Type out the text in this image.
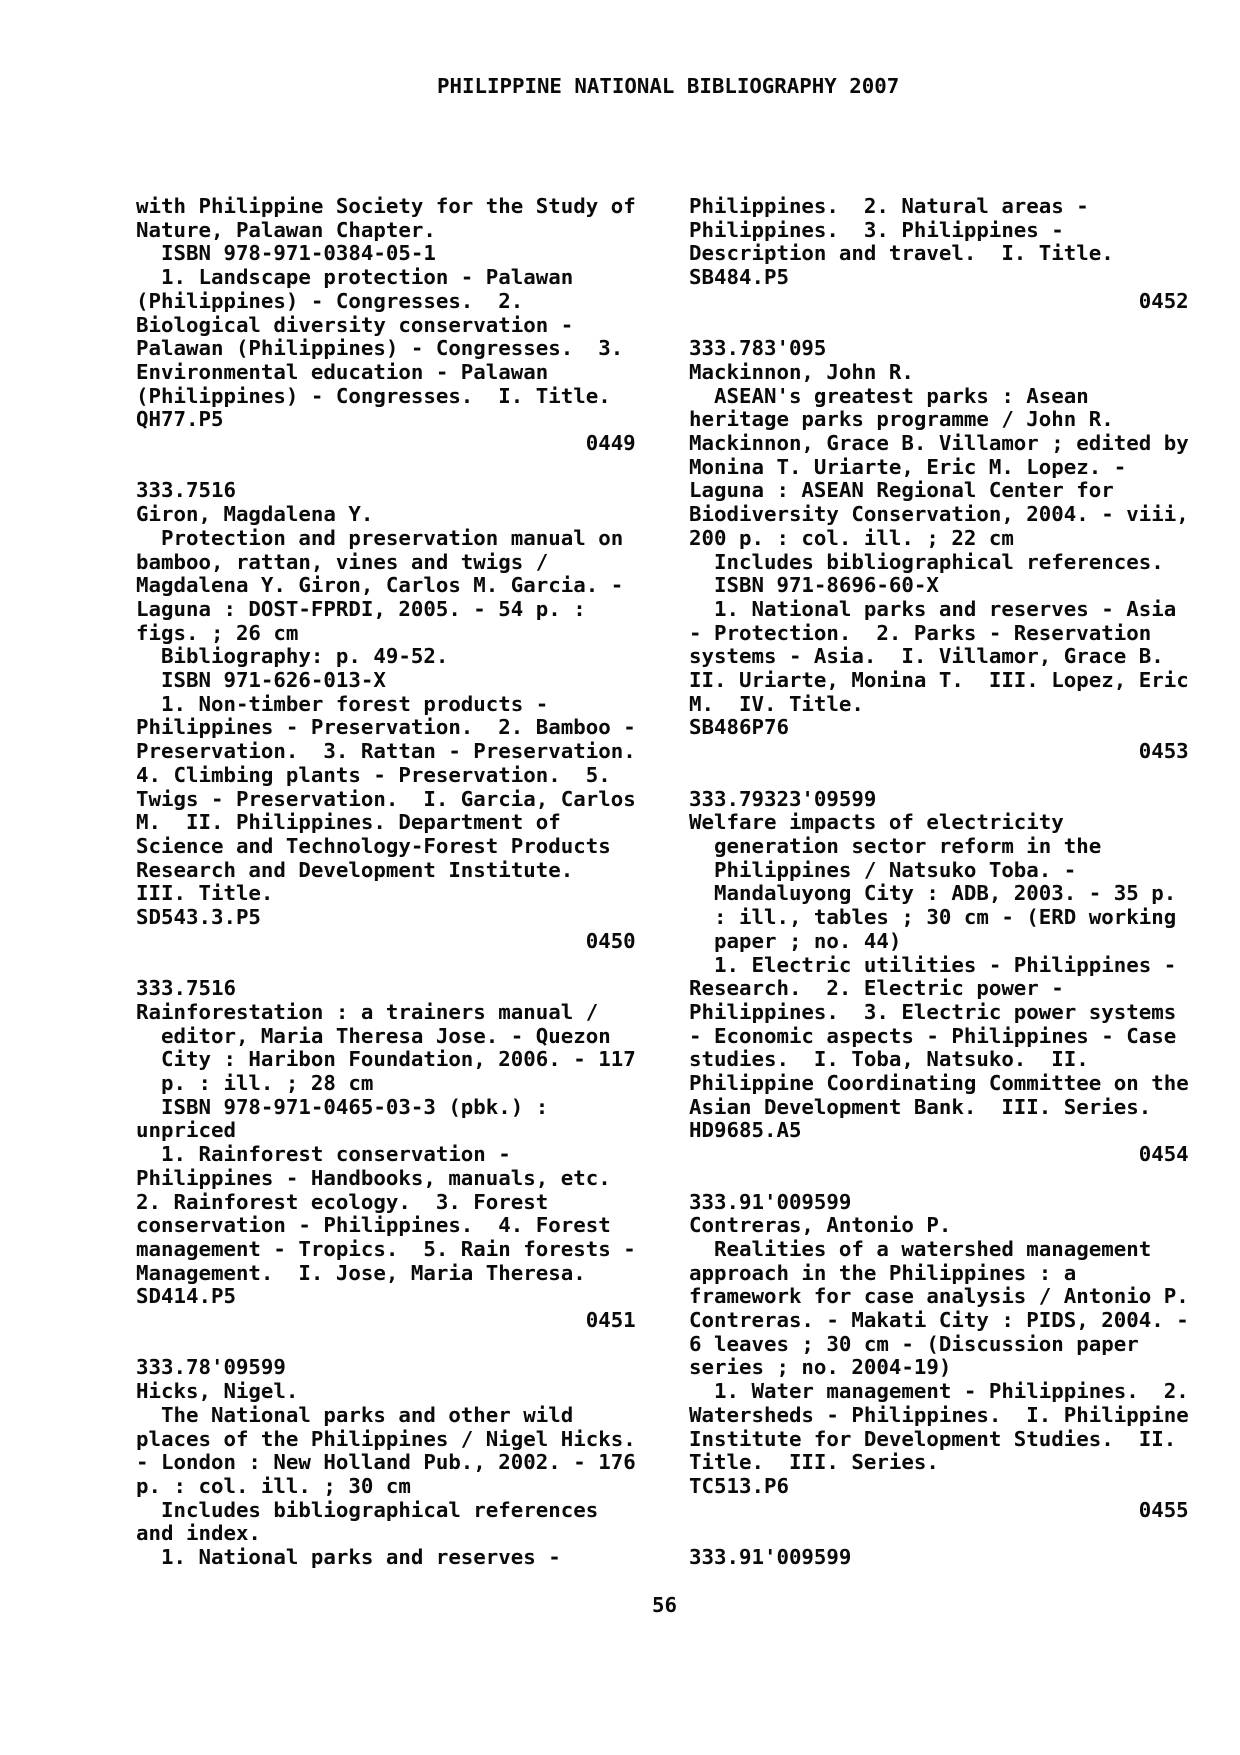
PHILIPPINE NATIONAL BIBLIOGRAPHY 2007
with Philippine Society for the Study of
Nature, Palawan Chapter.
ISBN 978-971-0384-05-1
1. Landscape protection - Palawan
(Philippines) - Congresses.  2.
Biological diversity conservation -
Palawan (Philippines) - Congresses.  3.
Environmental education - Palawan
(Philippines) - Congresses.  I. Title.
QH77.P5
0449
333.7516
Giron, Magdalena Y.
Protection and preservation manual on
bamboo, rattan, vines and twigs /
Magdalena Y. Giron, Carlos M. Garcia. -
Laguna : DOST-FPRDI, 2005. - 54 p. :
figs. ; 26 cm
Bibliography: p. 49-52.
ISBN 971-626-013-X
1. Non-timber forest products -
Philippines - Preservation.  2. Bamboo -
Preservation.  3. Rattan - Preservation.
4. Climbing plants - Preservation.  5.
Twigs - Preservation.  I. Garcia, Carlos
M.  II. Philippines. Department of
Science and Technology-Forest Products
Research and Development Institute.
III. Title.
SD543.3.P5
0450
333.7516
Rainforestation : a trainers manual /
editor, Maria Theresa Jose. - Quezon
City : Haribon Foundation, 2006. - 117
p. : ill. ; 28 cm
ISBN 978-971-0465-03-3 (pbk.) :
unpriced
1. Rainforest conservation -
Philippines - Handbooks, manuals, etc.
2. Rainforest ecology.  3. Forest
conservation - Philippines.  4. Forest
management - Tropics.  5. Rain forests -
Management.  I. Jose, Maria Theresa.
SD414.P5
0451
333.78'09599
Hicks, Nigel.
The National parks and other wild
places of the Philippines / Nigel Hicks.
- London : New Holland Pub., 2002. - 176
p. : col. ill. ; 30 cm
Includes bibliographical references
and index.
1. National parks and reserves -
Philippines.  2. Natural areas -
Philippines.  3. Philippines -
Description and travel.  I. Title.
SB484.P5
0452
333.783'095
Mackinnon, John R.
ASEAN's greatest parks : Asean
heritage parks programme / John R.
Mackinnon, Grace B. Villamor ; edited by
Monina T. Uriarte, Eric M. Lopez. -
Laguna : ASEAN Regional Center for
Biodiversity Conservation, 2004. - viii,
200 p. : col. ill. ; 22 cm
Includes bibliographical references.
ISBN 971-8696-60-X
1. National parks and reserves - Asia
- Protection.  2. Parks - Reservation
systems - Asia.  I. Villamor, Grace B.
II. Uriarte, Monina T.  III. Lopez, Eric
M.  IV. Title.
SB486P76
0453
333.79323'09599
Welfare impacts of electricity
generation sector reform in the
Philippines / Natsuko Toba. -
Mandaluyong City : ADB, 2003. - 35 p.
: ill., tables ; 30 cm - (ERD working
paper ; no. 44)
1. Electric utilities - Philippines -
Research.  2. Electric power -
Philippines.  3. Electric power systems
- Economic aspects - Philippines - Case
studies.  I. Toba, Natsuko.  II.
Philippine Coordinating Committee on the
Asian Development Bank.  III. Series.
HD9685.A5
0454
333.91'009599
Contreras, Antonio P.
Realities of a watershed management
approach in the Philippines : a
framework for case analysis / Antonio P.
Contreras. - Makati City : PIDS, 2004. -
6 leaves ; 30 cm - (Discussion paper
series ; no. 2004-19)
1. Water management - Philippines.  2.
Watersheds - Philippines.  I. Philippine
Institute for Development Studies.  II.
Title.  III. Series.
TC513.P6
0455
333.91'009599
56
